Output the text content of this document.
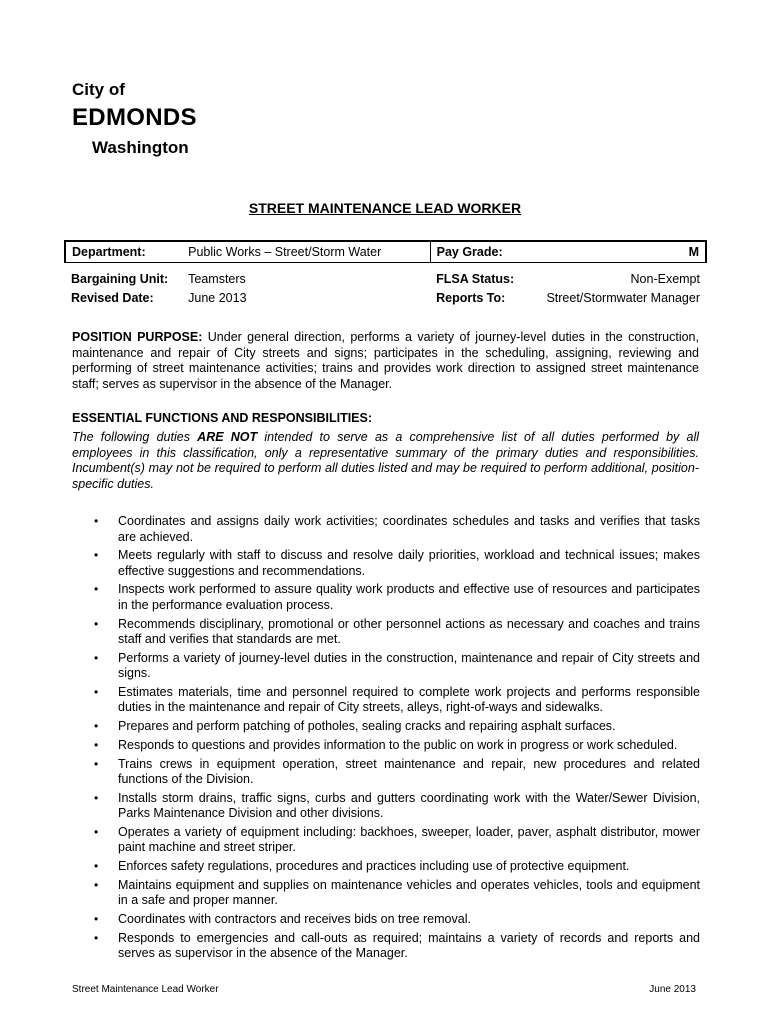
City of
EDMONDS
Washington
STREET MAINTENANCE LEAD WORKER
Department:	Public Works – Street/Storm Water	Pay Grade:	M

Bargaining Unit:	Teamsters	FLSA Status:	Non-Exempt
Revised Date:	June 2013	Reports To:	Street/Stormwater Manager
POSITION PURPOSE: Under general direction, performs a variety of journey-level duties in the construction, maintenance and repair of City streets and signs; participates in the scheduling, assigning, reviewing and performing of street maintenance activities; trains and provides work direction to assigned street maintenance staff; serves as supervisor in the absence of the Manager.
ESSENTIAL FUNCTIONS AND RESPONSIBILITIES:
The following duties ARE NOT intended to serve as a comprehensive list of all duties performed by all employees in this classification, only a representative summary of the primary duties and responsibilities. Incumbent(s) may not be required to perform all duties listed and may be required to perform additional, position-specific duties.
• Coordinates and assigns daily work activities; coordinates schedules and tasks and verifies that tasks are achieved.
• Meets regularly with staff to discuss and resolve daily priorities, workload and technical issues; makes effective suggestions and recommendations.
• Inspects work performed to assure quality work products and effective use of resources and participates in the performance evaluation process.
• Recommends disciplinary, promotional or other personnel actions as necessary and coaches and trains staff and verifies that standards are met.
• Performs a variety of journey-level duties in the construction, maintenance and repair of City streets and signs.
• Estimates materials, time and personnel required to complete work projects and performs responsible duties in the maintenance and repair of City streets, alleys, right-of-ways and sidewalks.
• Prepares and perform patching of potholes, sealing cracks and repairing asphalt surfaces.
• Responds to questions and provides information to the public on work in progress or work scheduled.
• Trains crews in equipment operation, street maintenance and repair, new procedures and related functions of the Division.
• Installs storm drains, traffic signs, curbs and gutters coordinating work with the Water/Sewer Division, Parks Maintenance Division and other divisions.
• Operates a variety of equipment including: backhoes, sweeper, loader, paver, asphalt distributor, mower paint machine and street striper.
• Enforces safety regulations, procedures and practices including use of protective equipment.
• Maintains equipment and supplies on maintenance vehicles and operates vehicles, tools and equipment in a safe and proper manner.
• Coordinates with contractors and receives bids on tree removal.
• Responds to emergencies and call-outs as required; maintains a variety of records and reports and serves as supervisor in the absence of the Manager.
Street Maintenance Lead Worker	June 2013
